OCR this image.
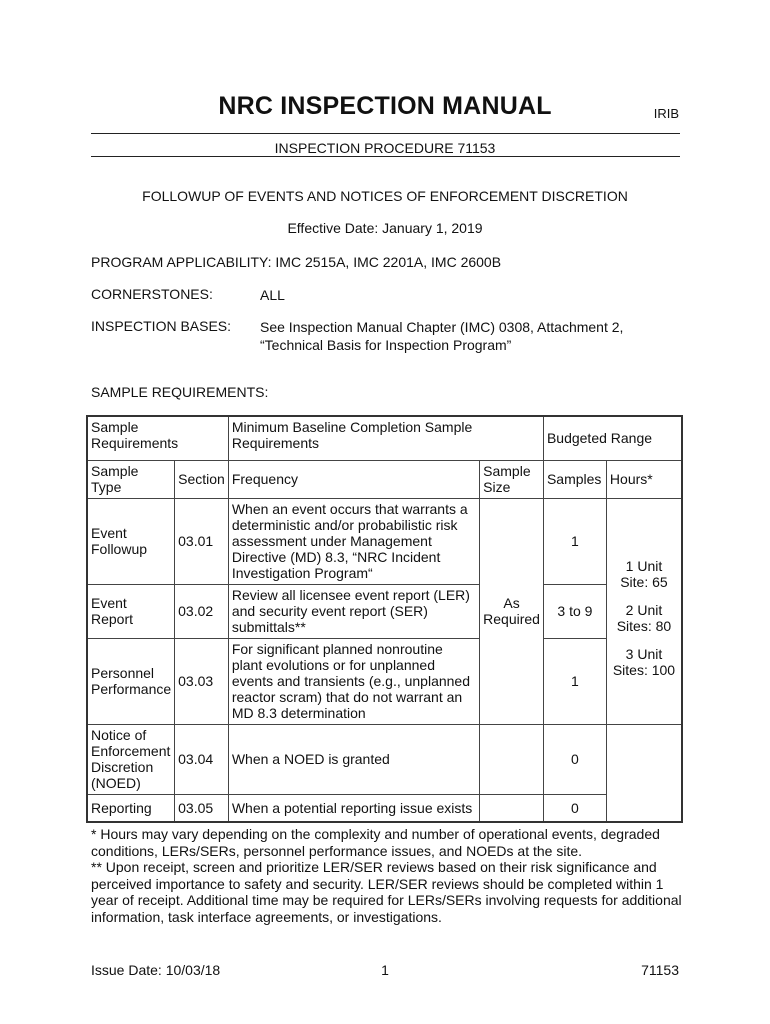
NRC INSPECTION MANUAL	IRIB
INSPECTION PROCEDURE 71153
FOLLOWUP OF EVENTS AND NOTICES OF ENFORCEMENT DISCRETION
Effective Date: January 1, 2019
PROGRAM APPLICABILITY: IMC 2515A, IMC 2201A, IMC 2600B
CORNERSTONES:	ALL
INSPECTION BASES: See Inspection Manual Chapter (IMC) 0308, Attachment 2,
“Technical Basis for Inspection Program”
SAMPLE REQUIREMENTS:
Sample Requirements		Minimum Baseline Completion Sample Requirements		Budgeted Range	
Sample Type	Section	Frequency	Sample Size	Samples	Hours*
Event Followup	03.01	When an event occurs that warrants a deterministic and/or probabilistic risk assessment under Management Directive (MD) 8.3, “NRC Incident Investigation Program“	As Required	1	1 Unit Site: 65
2 Unit Sites: 80
3 Unit Sites: 100

Event Report	03.02	Review all licensee event report (LER) and security event report (SER) submittals**		3 to 9	
Personnel Performance	03.03	For significant planned nonroutine plant evolutions or for unplanned events and transients (e.g., unplanned reactor scram) that do not warrant an MD 8.3 determination		1	
Notice of Enforcement Discretion (NOED)	03.04	When a NOED is granted		0	
Reporting	03.05	When a potential reporting issue exists		0	
* Hours may vary depending on the complexity and number of operational events, degraded conditions, LERs/SERs, personnel performance issues, and NOEDs at the site.
** Upon receipt, screen and prioritize LER/SER reviews based on their risk significance and perceived importance to safety and security. LER/SER reviews should be completed within 1 year of receipt. Additional time may be required for LERs/SERs involving requests for additional information, task interface agreements, or investigations.
Issue Date: 10/03/18	1	71153
